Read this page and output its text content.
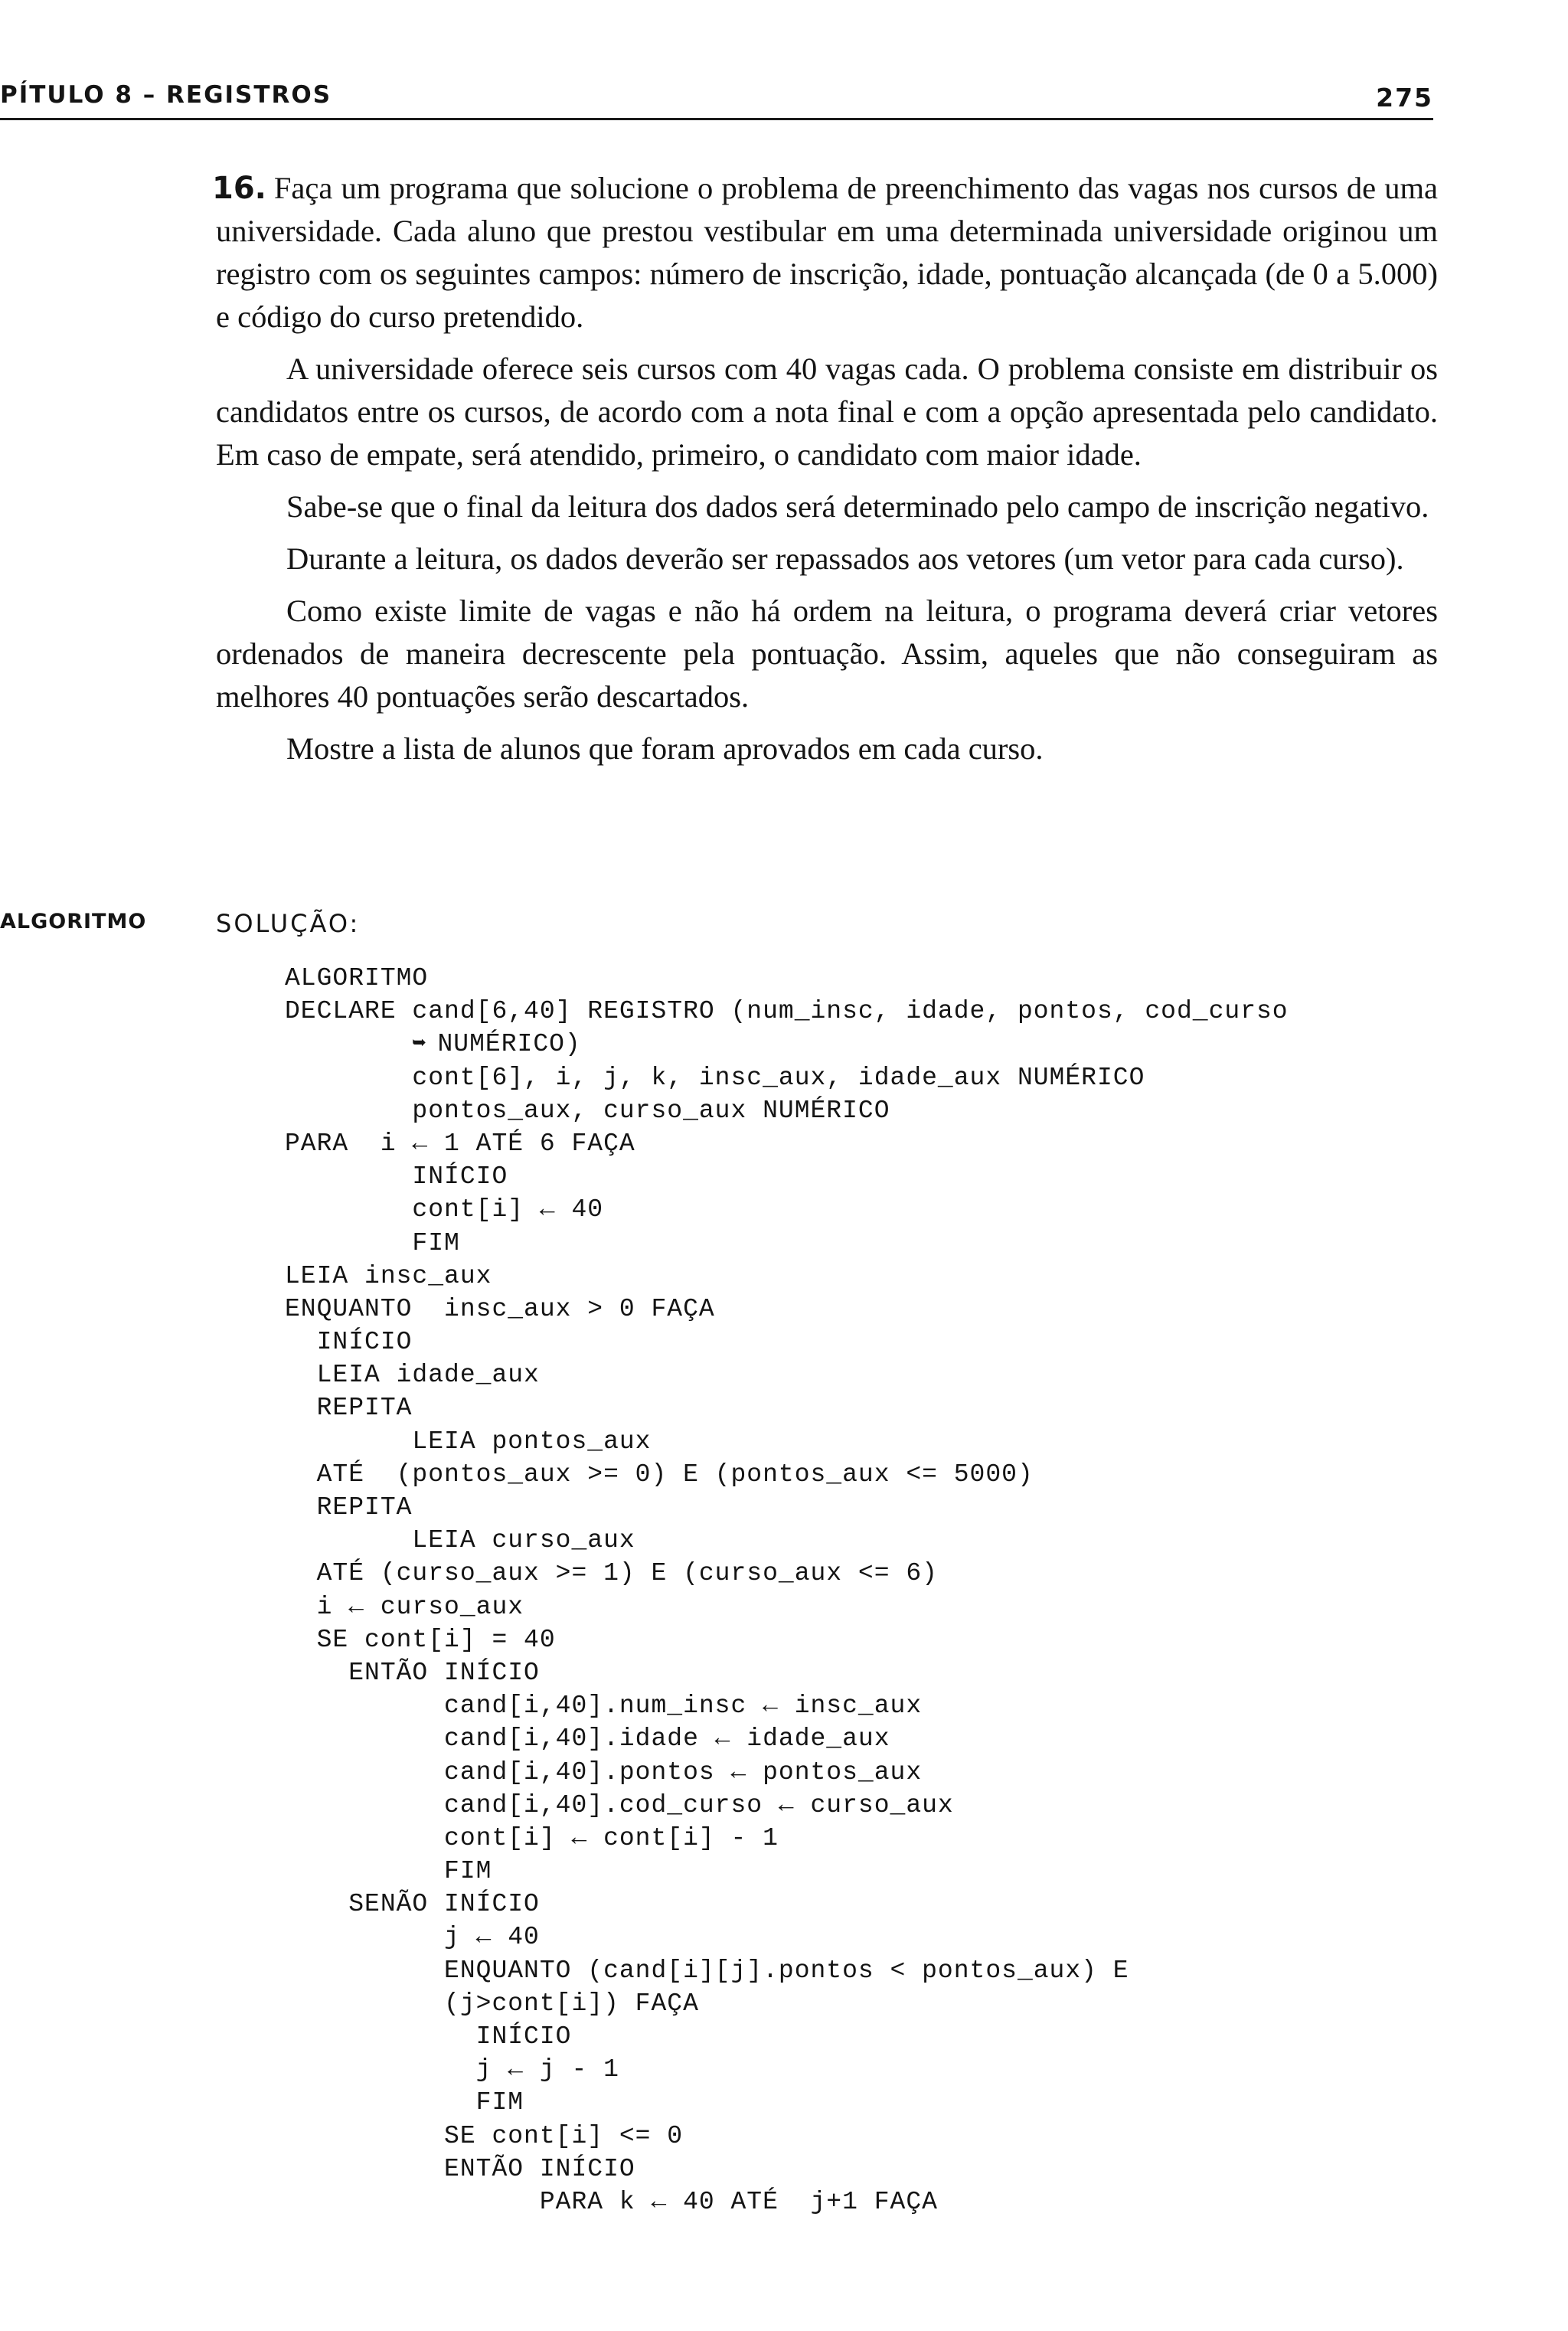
PÍTULO 8 – REGISTROS	275

16. Faça um programa que solucione o problema de preenchimento das vagas nos cursos de uma universidade. Cada aluno que prestou vestibular em uma determinada universidade originou um registro com os seguintes campos: número de inscrição, idade, pontuação alcançada (de 0 a 5.000) e código do curso pretendido.

A universidade oferece seis cursos com 40 vagas cada. O problema consiste em distribuir os candidatos entre os cursos, de acordo com a nota final e com a opção apresentada pelo candidato. Em caso de empate, será atendido, primeiro, o candidato com maior idade.

Sabe-se que o final da leitura dos dados será determinado pelo campo de inscrição negativo.

Durante a leitura, os dados deverão ser repassados aos vetores (um vetor para cada curso).

Como existe limite de vagas e não há ordem na leitura, o programa deverá criar vetores ordenados de maneira decrescente pela pontuação. Assim, aqueles que não conseguiram as melhores 40 pontuações serão descartados.

Mostre a lista de alunos que foram aprovados em cada curso.

ALGORITMO	SOLUÇÃO:
ALGORITMO
DECLARE cand[6,40] REGISTRO (num_insc, idade, pontos, cod_curso
➥ NUMÉRICO)
cont[6], i, j, k, insc_aux, idade_aux NUMÉRICO
pontos_aux, curso_aux NUMÉRICO
PARA  i ← 1 ATÉ 6 FAÇA
INÍCIO
cont[i] ← 40
FIM
LEIA insc_aux
ENQUANTO  insc_aux > 0 FAÇA
INÍCIO
LEIA idade_aux
REPITA
LEIA pontos_aux
ATÉ  (pontos_aux >= 0) E (pontos_aux <= 5000)
REPITA
LEIA curso_aux
ATÉ (curso_aux >= 1) E (curso_aux <= 6)
i ← curso_aux
SE cont[i] = 40
ENTÃO INÍCIO
cand[i,40].num_insc ← insc_aux
cand[i,40].idade ← idade_aux
cand[i,40].pontos ← pontos_aux
cand[i,40].cod_curso ← curso_aux
cont[i] ← cont[i] - 1
FIM
SENÃO INÍCIO
j ← 40
ENQUANTO (cand[i][j].pontos < pontos_aux) E
(j>cont[i]) FAÇA
INÍCIO
j ← j - 1
FIM
SE cont[i] <= 0
ENTÃO INÍCIO
PARA k ← 40 ATÉ  j+1 FAÇA
